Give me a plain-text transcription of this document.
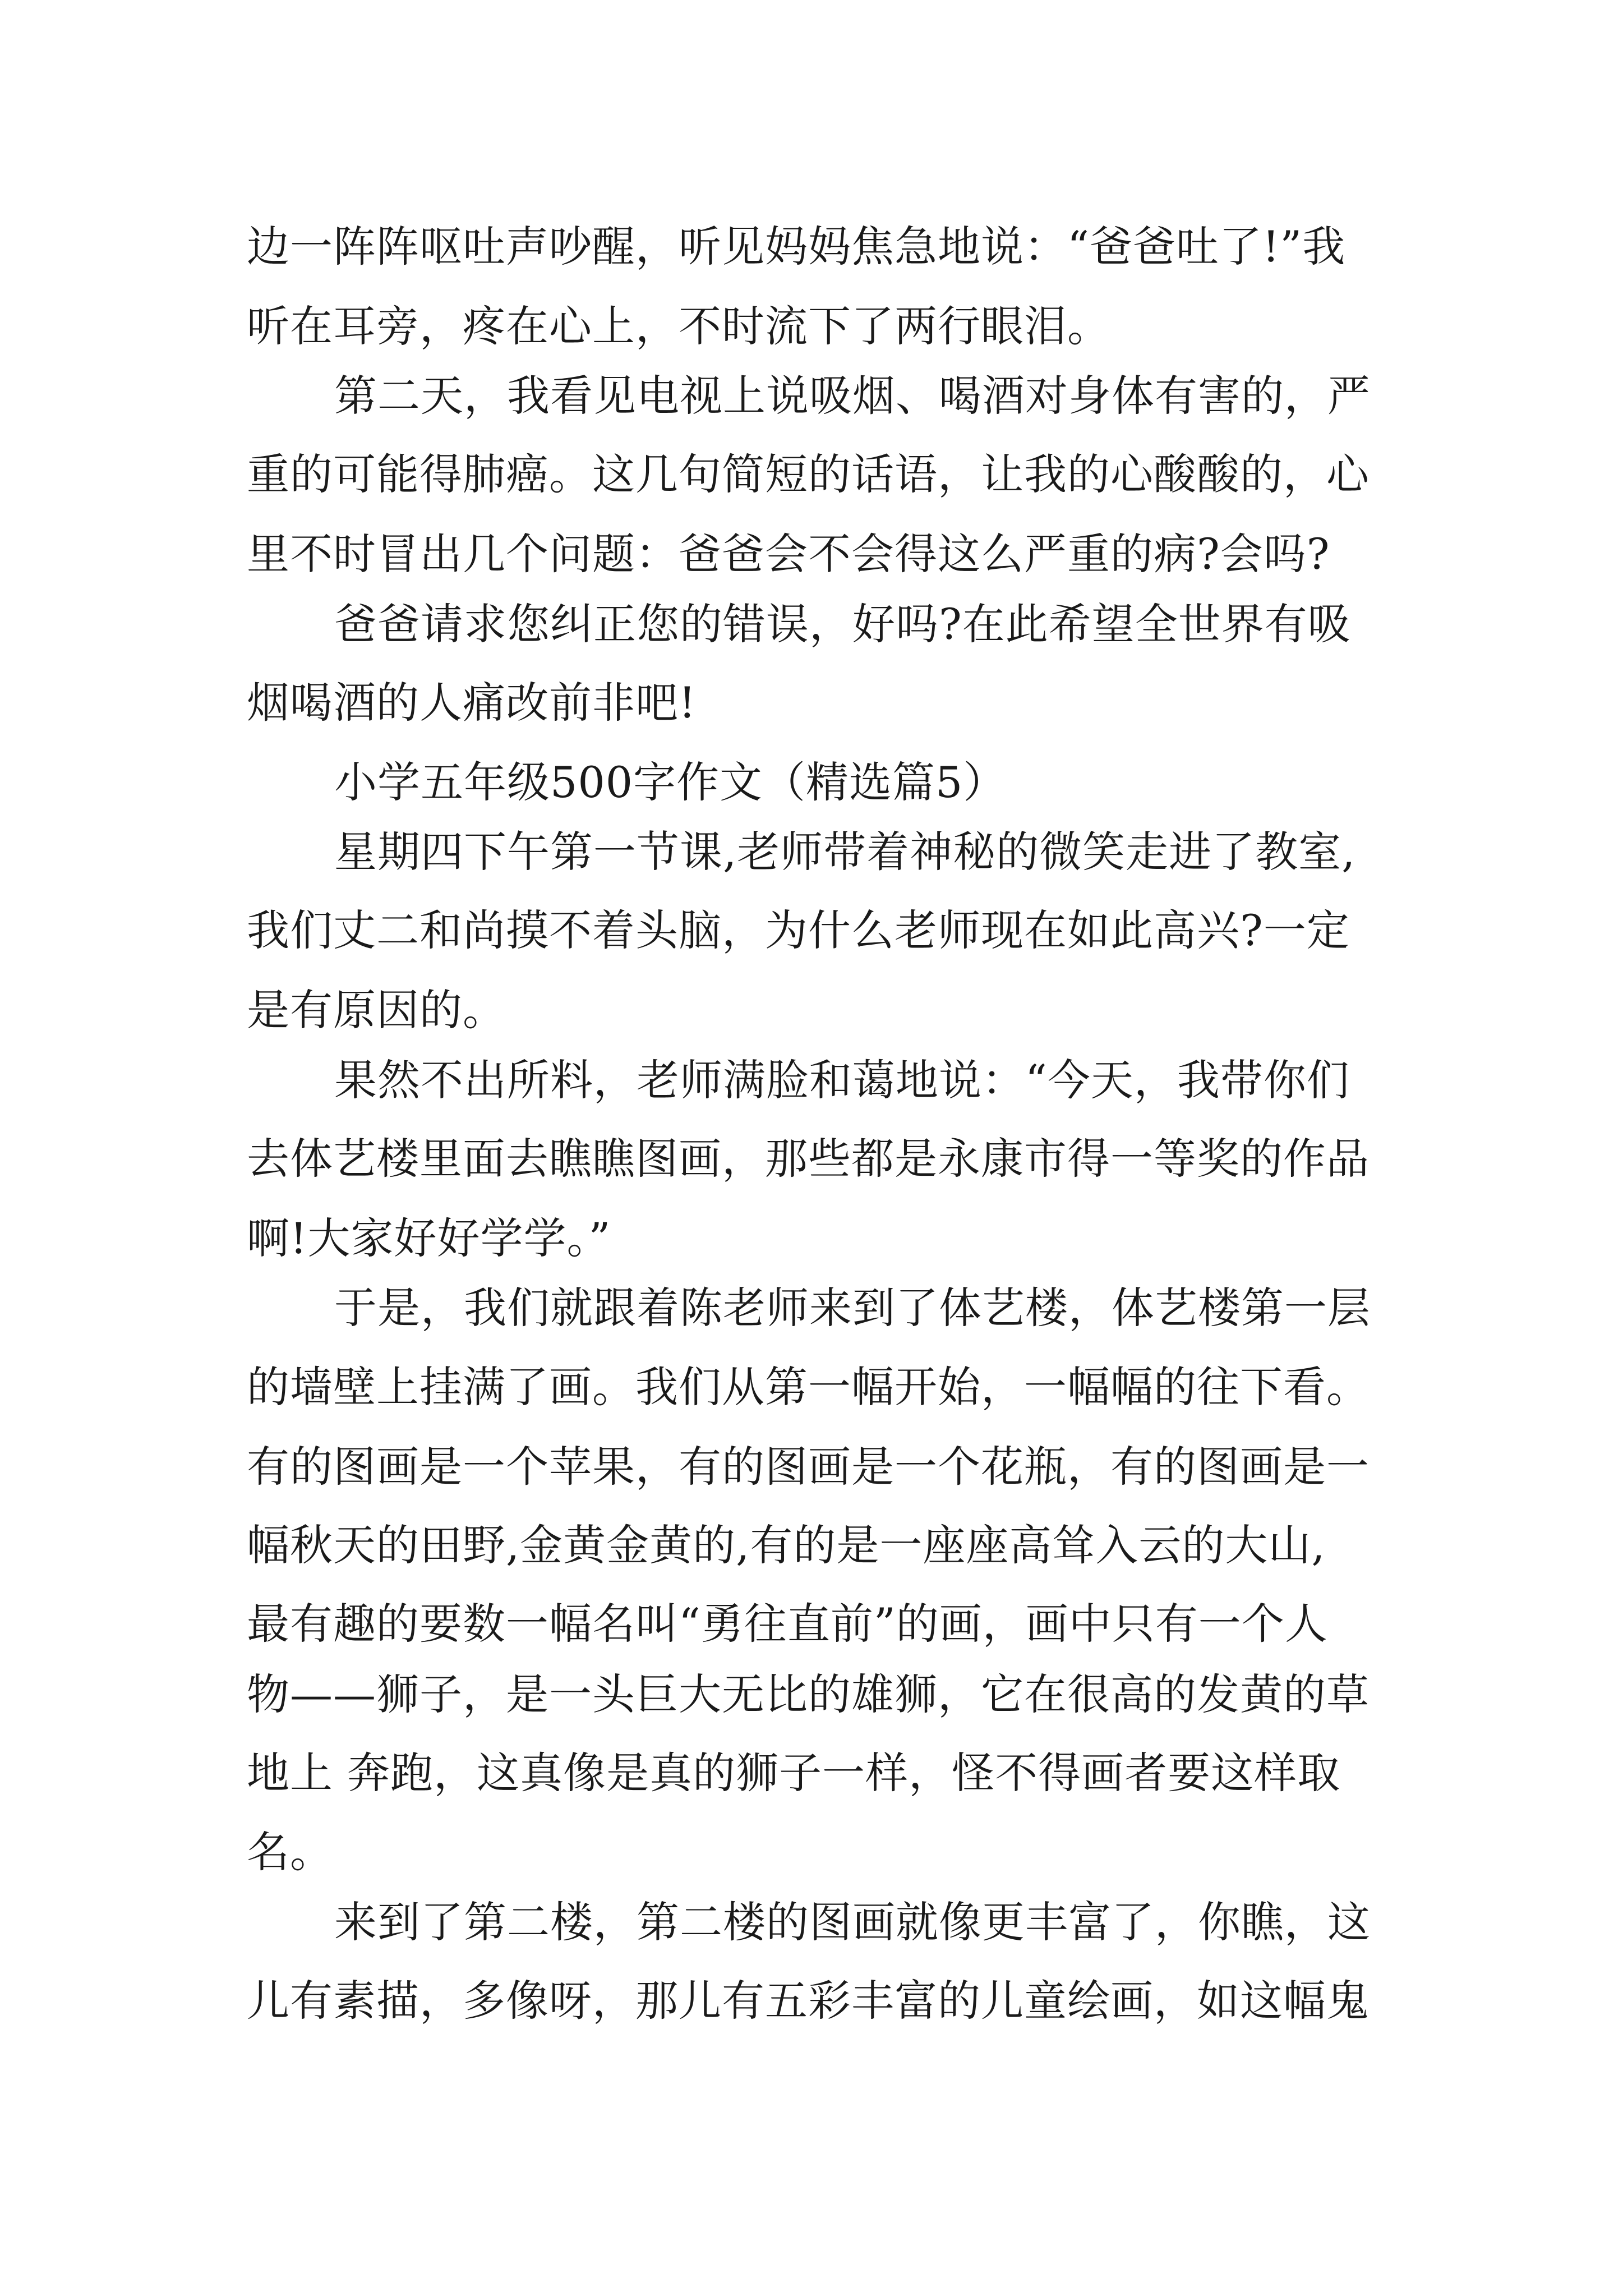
边一阵阵呕吐声吵醒，听见妈妈焦急地说：“爸爸吐了!”我

听在耳旁，疼在心上，不时流下了两行眼泪。

第二天，我看见电视上说吸烟、喝酒对身体有害的，严

重的可能得肺癌。这几句简短的话语，让我的心酸酸的，心

里不时冒出几个问题：爸爸会不会得这么严重的病?会吗?

爸爸请求您纠正您的错误，好吗?在此希望全世界有吸

烟喝酒的人痛改前非吧!

小学五年级500字作文（精选篇5）

星期四下午第一节课,老师带着神秘的微笑走进了教室,

我们丈二和尚摸不着头脑，为什么老师现在如此高兴?一定

是有原因的。

果然不出所料，老师满脸和蔼地说：“今天，我带你们

去体艺楼里面去瞧瞧图画，那些都是永康市得一等奖的作品

啊!大家好好学学。”

于是，我们就跟着陈老师来到了体艺楼，体艺楼第一层

的墙壁上挂满了画。我们从第一幅开始，一幅幅的往下看。

有的图画是一个苹果，有的图画是一个花瓶，有的图画是一

幅秋天的田野,金黄金黄的,有的是一座座高耸入云的大山,

最有趣的要数一幅名叫“勇往直前”的画，画中只有一个人

物——狮子，是一头巨大无比的雄狮，它在很高的发黄的草

地上 奔跑，这真像是真的狮子一样，怪不得画者要这样取

名。

来到了第二楼，第二楼的图画就像更丰富了，你瞧，这

儿有素描，多像呀，那儿有五彩丰富的儿童绘画，如这幅鬼
